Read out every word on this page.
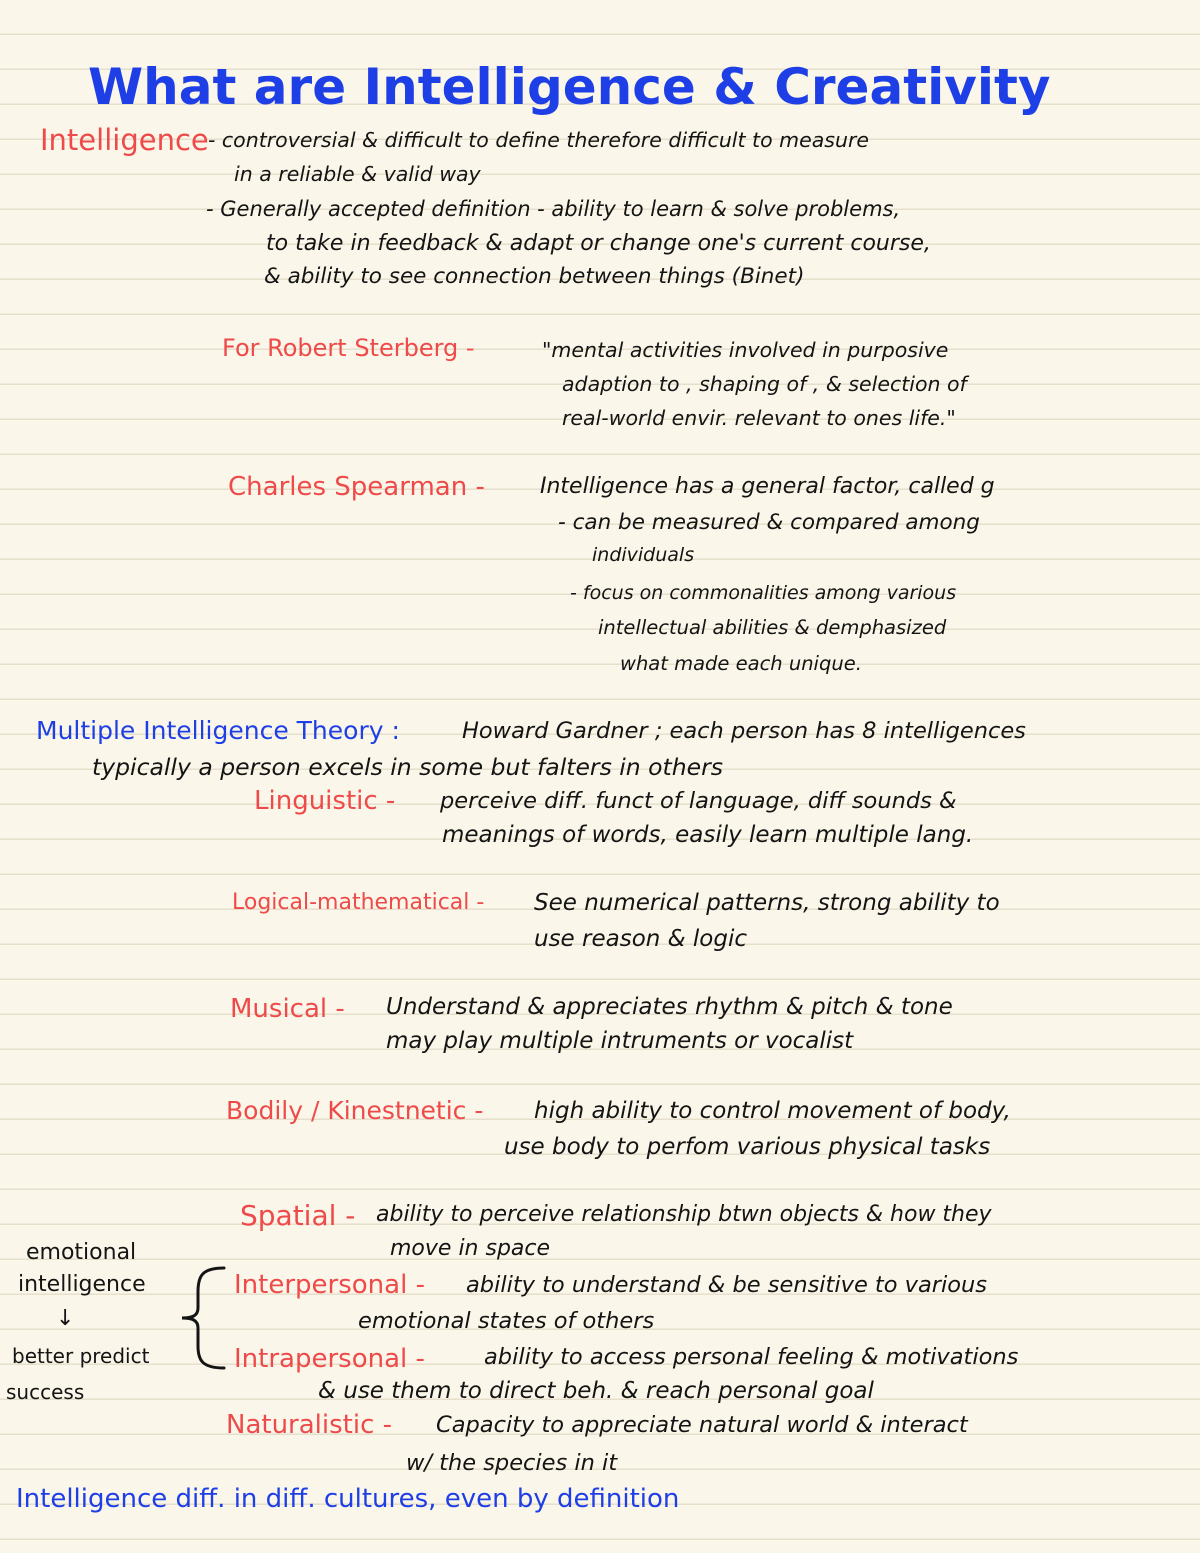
What are Intelligence & Creativity
Intelligence - controversial & difficult to define therefore difficult to measure
in a reliable & valid way
- Generally accepted definition - ability to learn & solve problems,
to take in feedback & adapt or change one's current course,
& ability to see connection between things (Binet)
For Robert Sterberg -	"mental activities involved in purposive
adaption to , shaping of , & selection of
real-world envir. relevant to ones life."
Charles Spearman -	Intelligence has a general factor, called g
- can be measured & compared among
individuals
- focus on commonalities among various
intellectual abilities & demphasized
what made each unique.
Multiple Intelligence Theory :	Howard Gardner ; each person has 8 intelligences
typically a person excels in some but falters in others
Linguistic - perceive diff. funct of language, diff sounds &
meanings of words, easily learn multiple lang.
Logical-mathematical - See numerical patterns, strong ability to
use reason & logic
Musical - Understand & appreciates rhythm & pitch & tone
may play multiple intruments or vocalist
Bodily / Kinestnetic - high ability to control movement of body,
use body to perfom various physical tasks
Spatial - ability to perceive relationship btwn objects & how they
move in space
Interpersonal - ability to understand & be sensitive to various
emotional states of others
Intrapersonal -	ability to access personal feeling & motivations
& use them to direct beh. & reach personal goal
Naturalistic - Capacity to appreciate natural world & interact
w/ the species in it
emotional
intelligence
↓
better predict
success
Intelligence diff. in diff. cultures, even by definition
